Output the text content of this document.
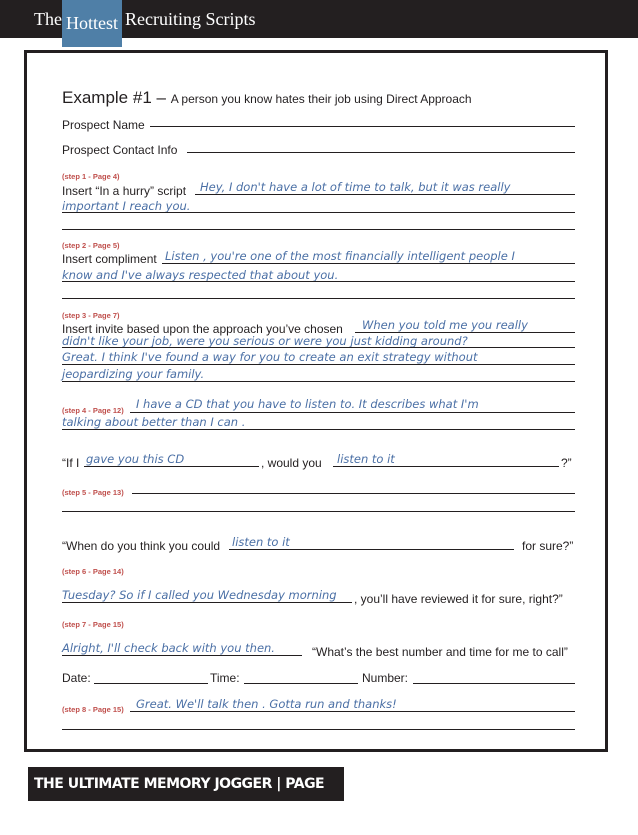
The Hottest Recruiting Scripts
Example #1 – A person you know hates their job using Direct Approach
Prospect Name
Prospect Contact Info
(step 1 - Page 4)
Insert “In a hurry” script Hey, I don't have a lot of time to talk, but it was really
important I reach you.
(step 2 - Page 5)
Insert compliment Listen , you're one of the most financially intelligent people I
know and I've always respected that about you.
(step 3 - Page 7)
Insert invite based upon the approach you’ve chosen When you told me you really
didn't like your job, were you serious or were you just kidding around?
Great. I think I've found a way for you to create an exit strategy without
jeopardizing your family.
(step 4 - Page 12) I have a CD that you have to listen to. It describes what I'm
talking about better than I can .
“If I gave you this CD	, would you listen to it	?”
(step 5 - Page 13)
“When do you think you could listen to it	for sure?”
(step 6 - Page 14)
Tuesday? So if I called you Wednesday morning , you’ll have reviewed it for sure, right?”
(step 7 - Page 15)
Alright, I'll check back with you then.	“What’s the best number and time for me to call”
Date:	Time:	Number:
(step 8 - Page 15) Great. We'll talk then . Gotta run and thanks!
THE ULTIMATE MEMORY JOGGER | PAGE 66
